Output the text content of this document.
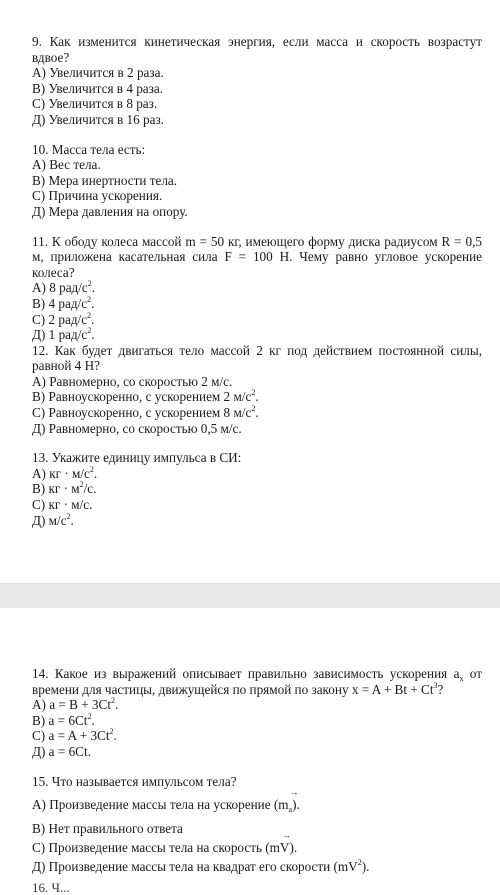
9. Как изменится кинетическая энергия, если масса и скорость возрастут вдвое?

A) Увеличится в 2 раза.
B) Увеличится в 4 раза.
C) Увеличится в 8 раз.
Д) Увеличится в 16 раз.

10. Масса тела есть:

A) Вес тела.
B) Мера инертности тела.
C) Причина ускорения.
Д) Мера давления на опору.

11. К ободу колеса массой m = 50 кг, имеющего форму диска радиусом R = 0,5 м, приложена касательная сила F = 100 Н. Чему равно угловое ускорение колеса?

A) 8 рад/$с^2$.
B) 4 рад/$с^2$.
C) 2 рад/$с^2$.
Д) 1 рад/$с^2$.

12. Как будет двигаться тело массой 2 кг под действием постоянной силы, равной 4 Н?

A) Равномерно, со скоростью 2 м/с.
B) Равноускоренно, с ускорением 2 $м/с^2$.
C) Равноускоренно, с ускорением 8 $м/с^2$.
Д) Равномерно, со скоростью 0,5 м/с.

13. Укажите единицу импульса в СИ:

A) кг · $м/с^2$.
B) кг · $м^2/с$.
C) кг · м/с.
Д) $м/с^2$.

14. Какое из выражений описывает правильно зависимость ускорения $a_x$ от времени для частицы, движущейся по прямой по закону $x = A + Bt + Ct^3$?

A) $a = B + 3Ct^2$.
B) $a = 6Ct^2$.
C) $a = A + 3Ct^2$.
Д) a = 6Ct.

15. Что называется импульсом тела?

A) Произведение массы тела на ускорение (m
→
$_a$).
B) Нет правильного ответа
C) Произведение массы тела на скорость (m
→
V).
Д) Произведение массы тела на квадрат его скорости $(mV^2)$.
16. Ч...
